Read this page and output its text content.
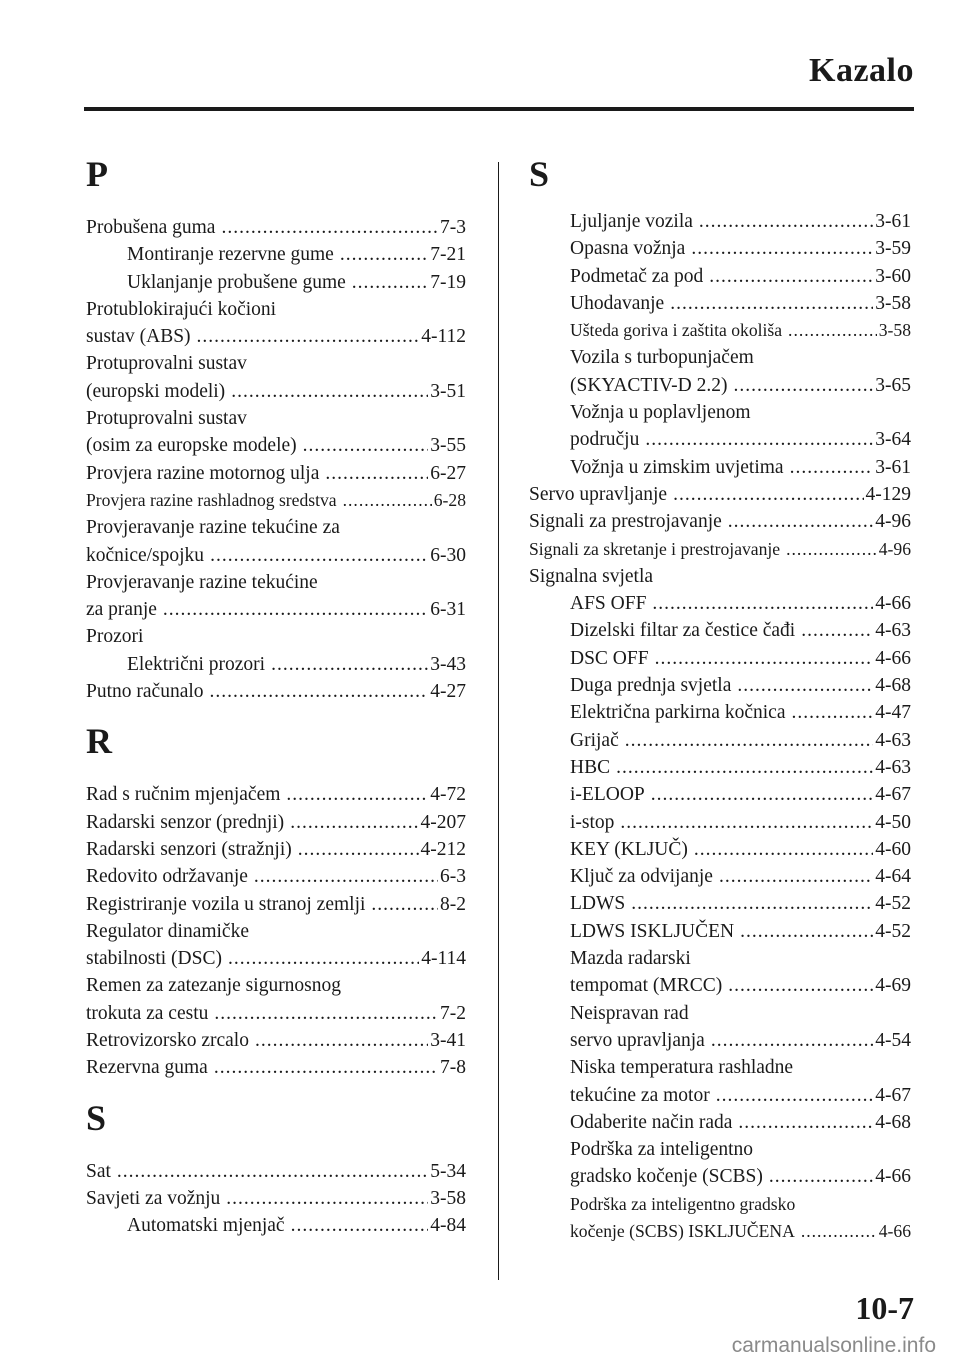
Kazalo
P
Probušena guma .....	7-3
Montiranje rezervne gume .....	7-21
Uklanjanje probušene gume .....	7-19
Protublokirajući kočioni
sustav (ABS) .....	4-112
Protuprovalni sustav
(europski modeli) .....	3-51
Protuprovalni sustav
(osim za europske modele) .....	3-55
Provjera razine motornog ulja .....	6-27
Provjera razine rashladnog sredstva .....	6-28
Provjeravanje razine tekućine za
kočnice/spojku .....	6-30
Provjeravanje razine tekućine
za pranje .....	6-31
Prozori
Električni prozori .....	3-43
Putno računalo .....	4-27
R
Rad s ručnim mjenjačem .....	4-72
Radarski senzor (prednji) .....	4-207
Radarski senzori (stražnji) .....	4-212
Redovito održavanje .....	6-3
Registriranje vozila u stranoj zemlji .....	8-2
Regulator dinamičke
stabilnosti (DSC) .....	4-114
Remen za zatezanje sigurnosnog
trokuta za cestu .....	7-2
Retrovizorsko zrcalo .....	3-41
Rezervna guma .....	7-8
S
Sat .....	5-34
Savjeti za vožnju .....	3-58
Automatski mjenjač .....	4-84
S
Ljuljanje vozila .....	3-61
Opasna vožnja .....	3-59
Podmetač za pod .....	3-60
Uhodavanje .....	3-58
Ušteda goriva i zaštita okoliša .....	3-58
Vozila s turbopunjačem
(SKYACTIV-D 2.2) .....	3-65
Vožnja u poplavljenom
području .....	3-64
Vožnja u zimskim uvjetima .....	3-61
Servo upravljanje .....	4-129
Signali za prestrojavanje .....	4-96
Signali za skretanje i prestrojavanje .....	4-96
Signalna svjetla
AFS OFF .....	4-66
Dizelski filtar za čestice čađi .....	4-63
DSC OFF .....	4-66
Duga prednja svjetla .....	4-68
Električna parkirna kočnica .....	4-47
Grijač .....	4-63
HBC .....	4-63
i-ELOOP .....	4-67
i-stop .....	4-50
KEY (KLJUČ) .....	4-60
Ključ za odvijanje .....	4-64
LDWS .....	4-52
LDWS ISKLJUČEN .....	4-52
Mazda radarski
tempomat (MRCC) .....	4-69
Neispravan rad
servo upravljanja .....	4-54
Niska temperatura rashladne
tekućine za motor .....	4-67
Odaberite način rada .....	4-68
Podrška za inteligentno
gradsko kočenje (SCBS) .....	4-66
Podrška za inteligentno gradsko
kočenje (SCBS) ISKLJUČENA .....	4-66
10-7
carmanualsonline.info
